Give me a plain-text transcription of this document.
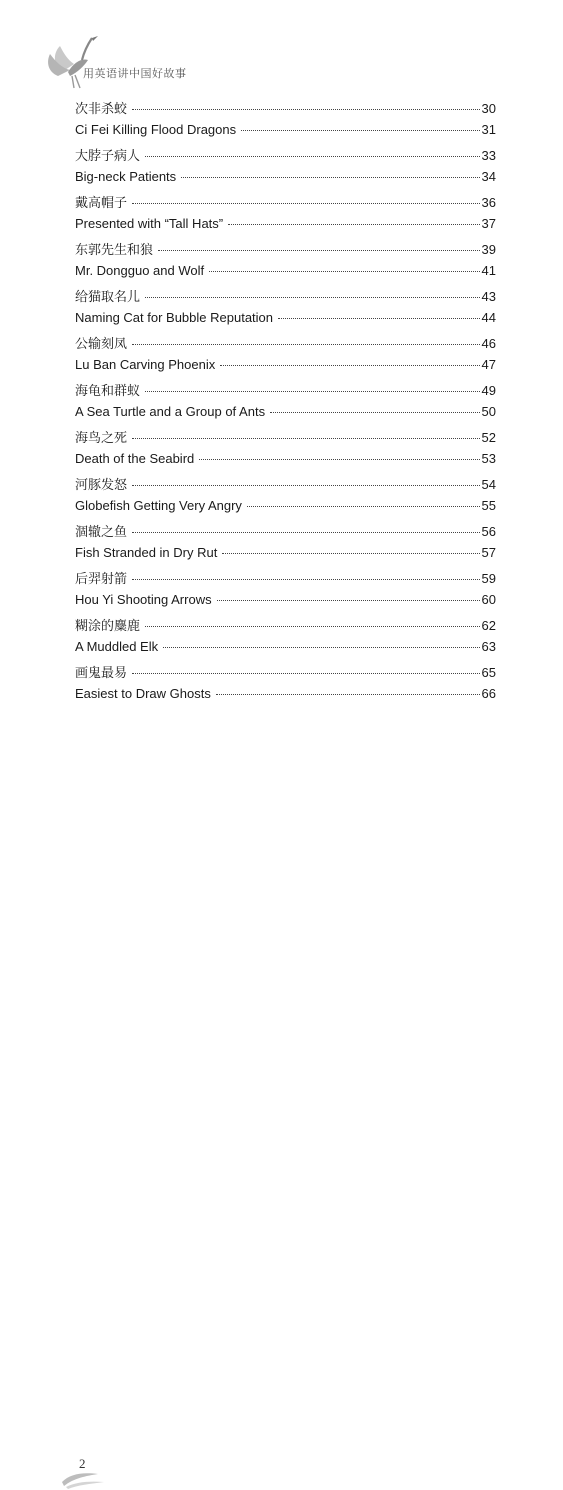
用英语讲中国好故事
次非杀蛟	30
Ci Fei Killing Flood Dragons	31
大脖子病人	33
Big-neck Patients	34
戴高帽子	36
Presented with “Tall Hats”	37
东郭先生和狼	39
Mr. Dongguo and Wolf	41
给猫取名儿	43
Naming Cat for Bubble Reputation	44
公输刻凤	46
Lu Ban Carving Phoenix	47
海龟和群蚁	49
A Sea Turtle and a Group of Ants	50
海鸟之死	52
Death of the Seabird	53
河豚发怒	54
Globefish Getting Very Angry	55
涸辙之鱼	56
Fish Stranded in Dry Rut	57
后羿射箭	59
Hou Yi Shooting Arrows	60
糊涂的麋鹿	62
A Muddled Elk	63
画鬼最易	65
Easiest to Draw Ghosts	66
2
